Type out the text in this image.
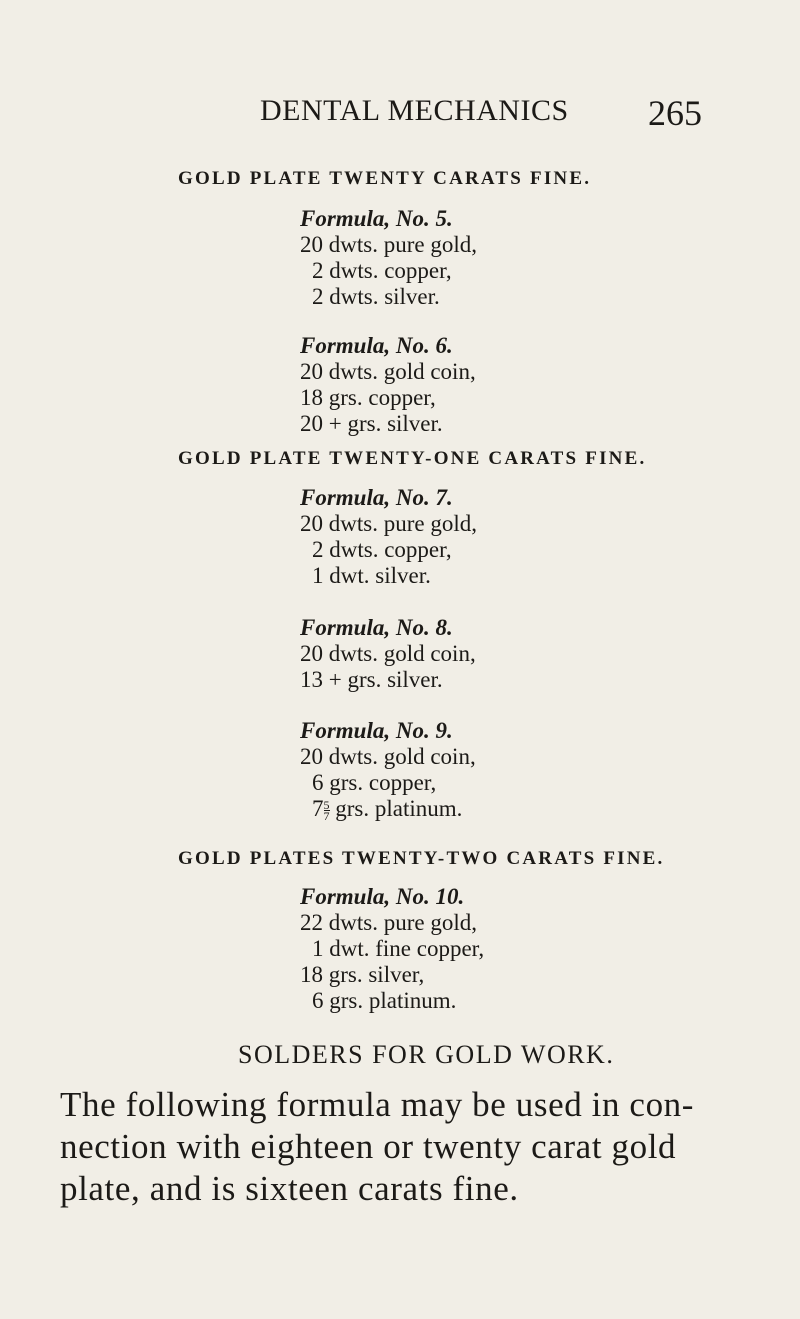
DENTAL MECHANICS 265
GOLD PLATE TWENTY CARATS FINE.
Formula, No. 5.
20 dwts. pure gold,
2 dwts. copper,
2 dwts. silver.
Formula, No. 6.
20 dwts. gold coin,
18 grs. copper,
20 + grs. silver.
GOLD PLATE TWENTY-ONE CARATS FINE.
Formula, No. 7.
20 dwts. pure gold,
2 dwts. copper,
1 dwt. silver.
Formula, No. 8.
20 dwts. gold coin,
13 + grs. silver.
Formula, No. 9.
20 dwts. gold coin,
6 grs. copper,
$7 \frac{5}{7}$ grs. platinum.
GOLD PLATES TWENTY-TWO CARATS FINE.
Formula, No. 10.
22 dwts. pure gold,
1 dwt. fine copper,
18 grs. silver,
6 grs. platinum.
SOLDERS FOR GOLD WORK.
The following formula may be used in con-
nection with eighteen or twenty carat gold
plate, and is sixteen carats fine.
